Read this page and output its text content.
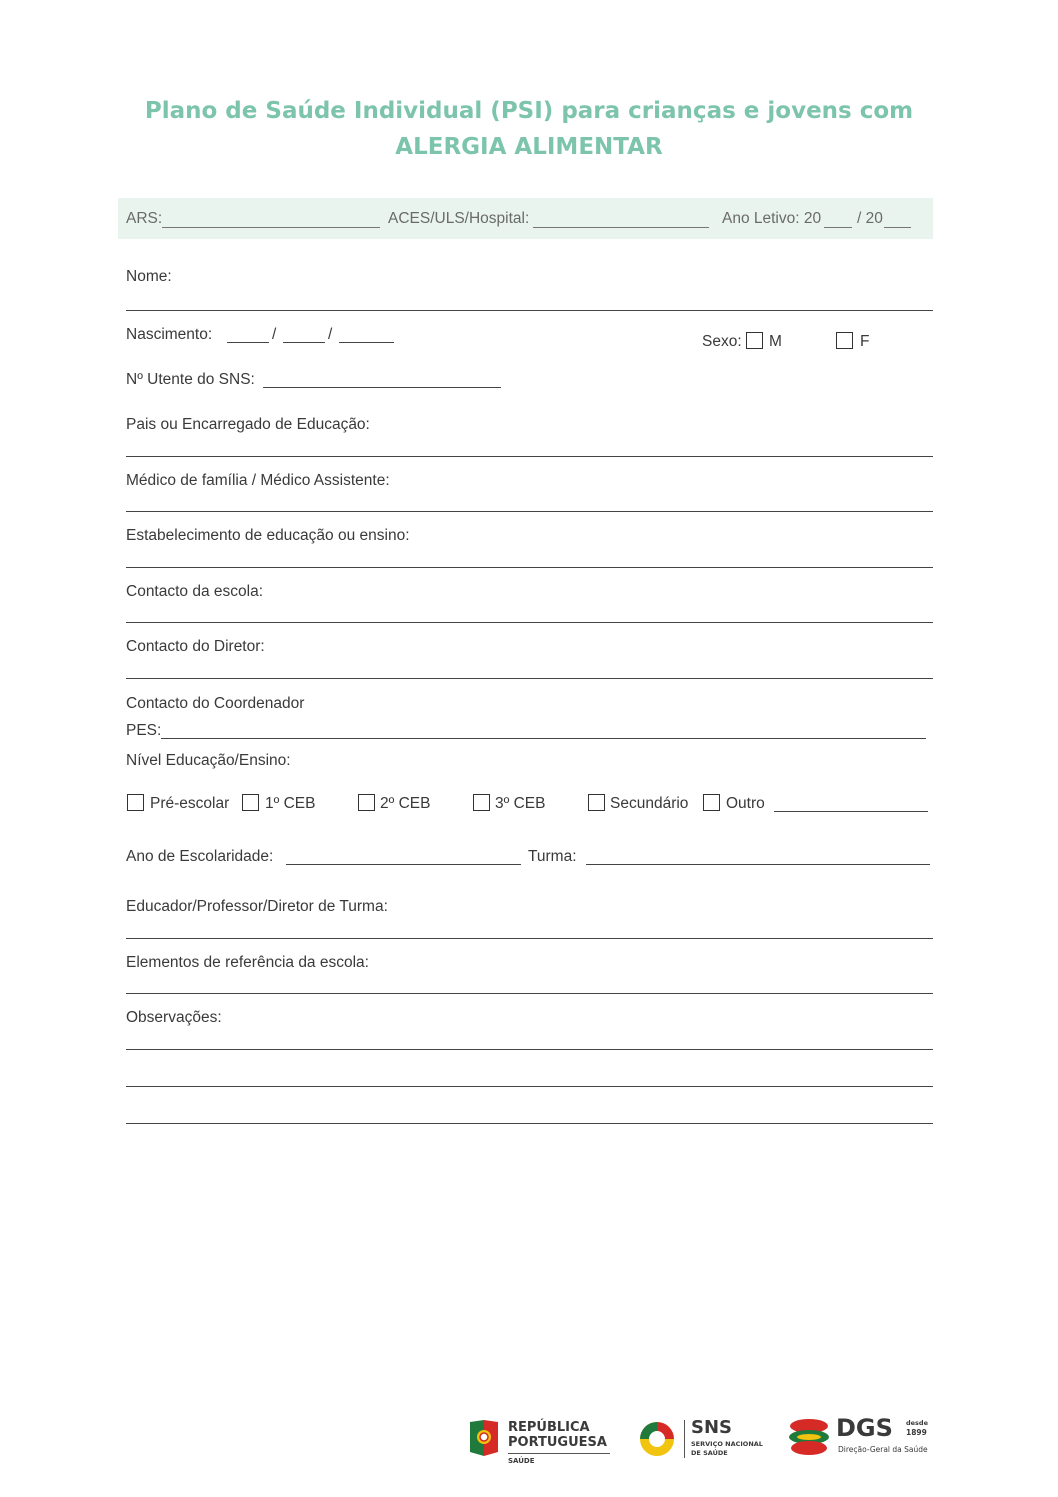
Plano de Saúde Individual (PSI) para crianças e jovens com
ALERGIA ALIMENTAR
ARS:	ACES/ULS/Hospital:	Ano Letivo: 20 / 20
Nome:
Nascimento:	/	/	Sexo: M	F
Nº Utente do SNS:
Pais ou Encarregado de Educação:
Médico de família / Médico Assistente:
Estabelecimento de educação ou ensino:
Contacto da escola:
Contacto do Diretor:
Contacto do Coordenador
PES:
Nível Educação/Ensino:
Pré-escolar 1º CEB	2º CEB	3º CEB	Secundário Outro
Ano de Escolaridade:	Turma:
Educador/Professor/Diretor de Turma:
Elementos de referência da escola:
Observações:
REPÚBLICA
PORTUGUESA
SAÚDE
SNS
SERVIÇO NACIONAL
DE SAÚDE
DGS desde
1899
Direção-Geral da Saúde
